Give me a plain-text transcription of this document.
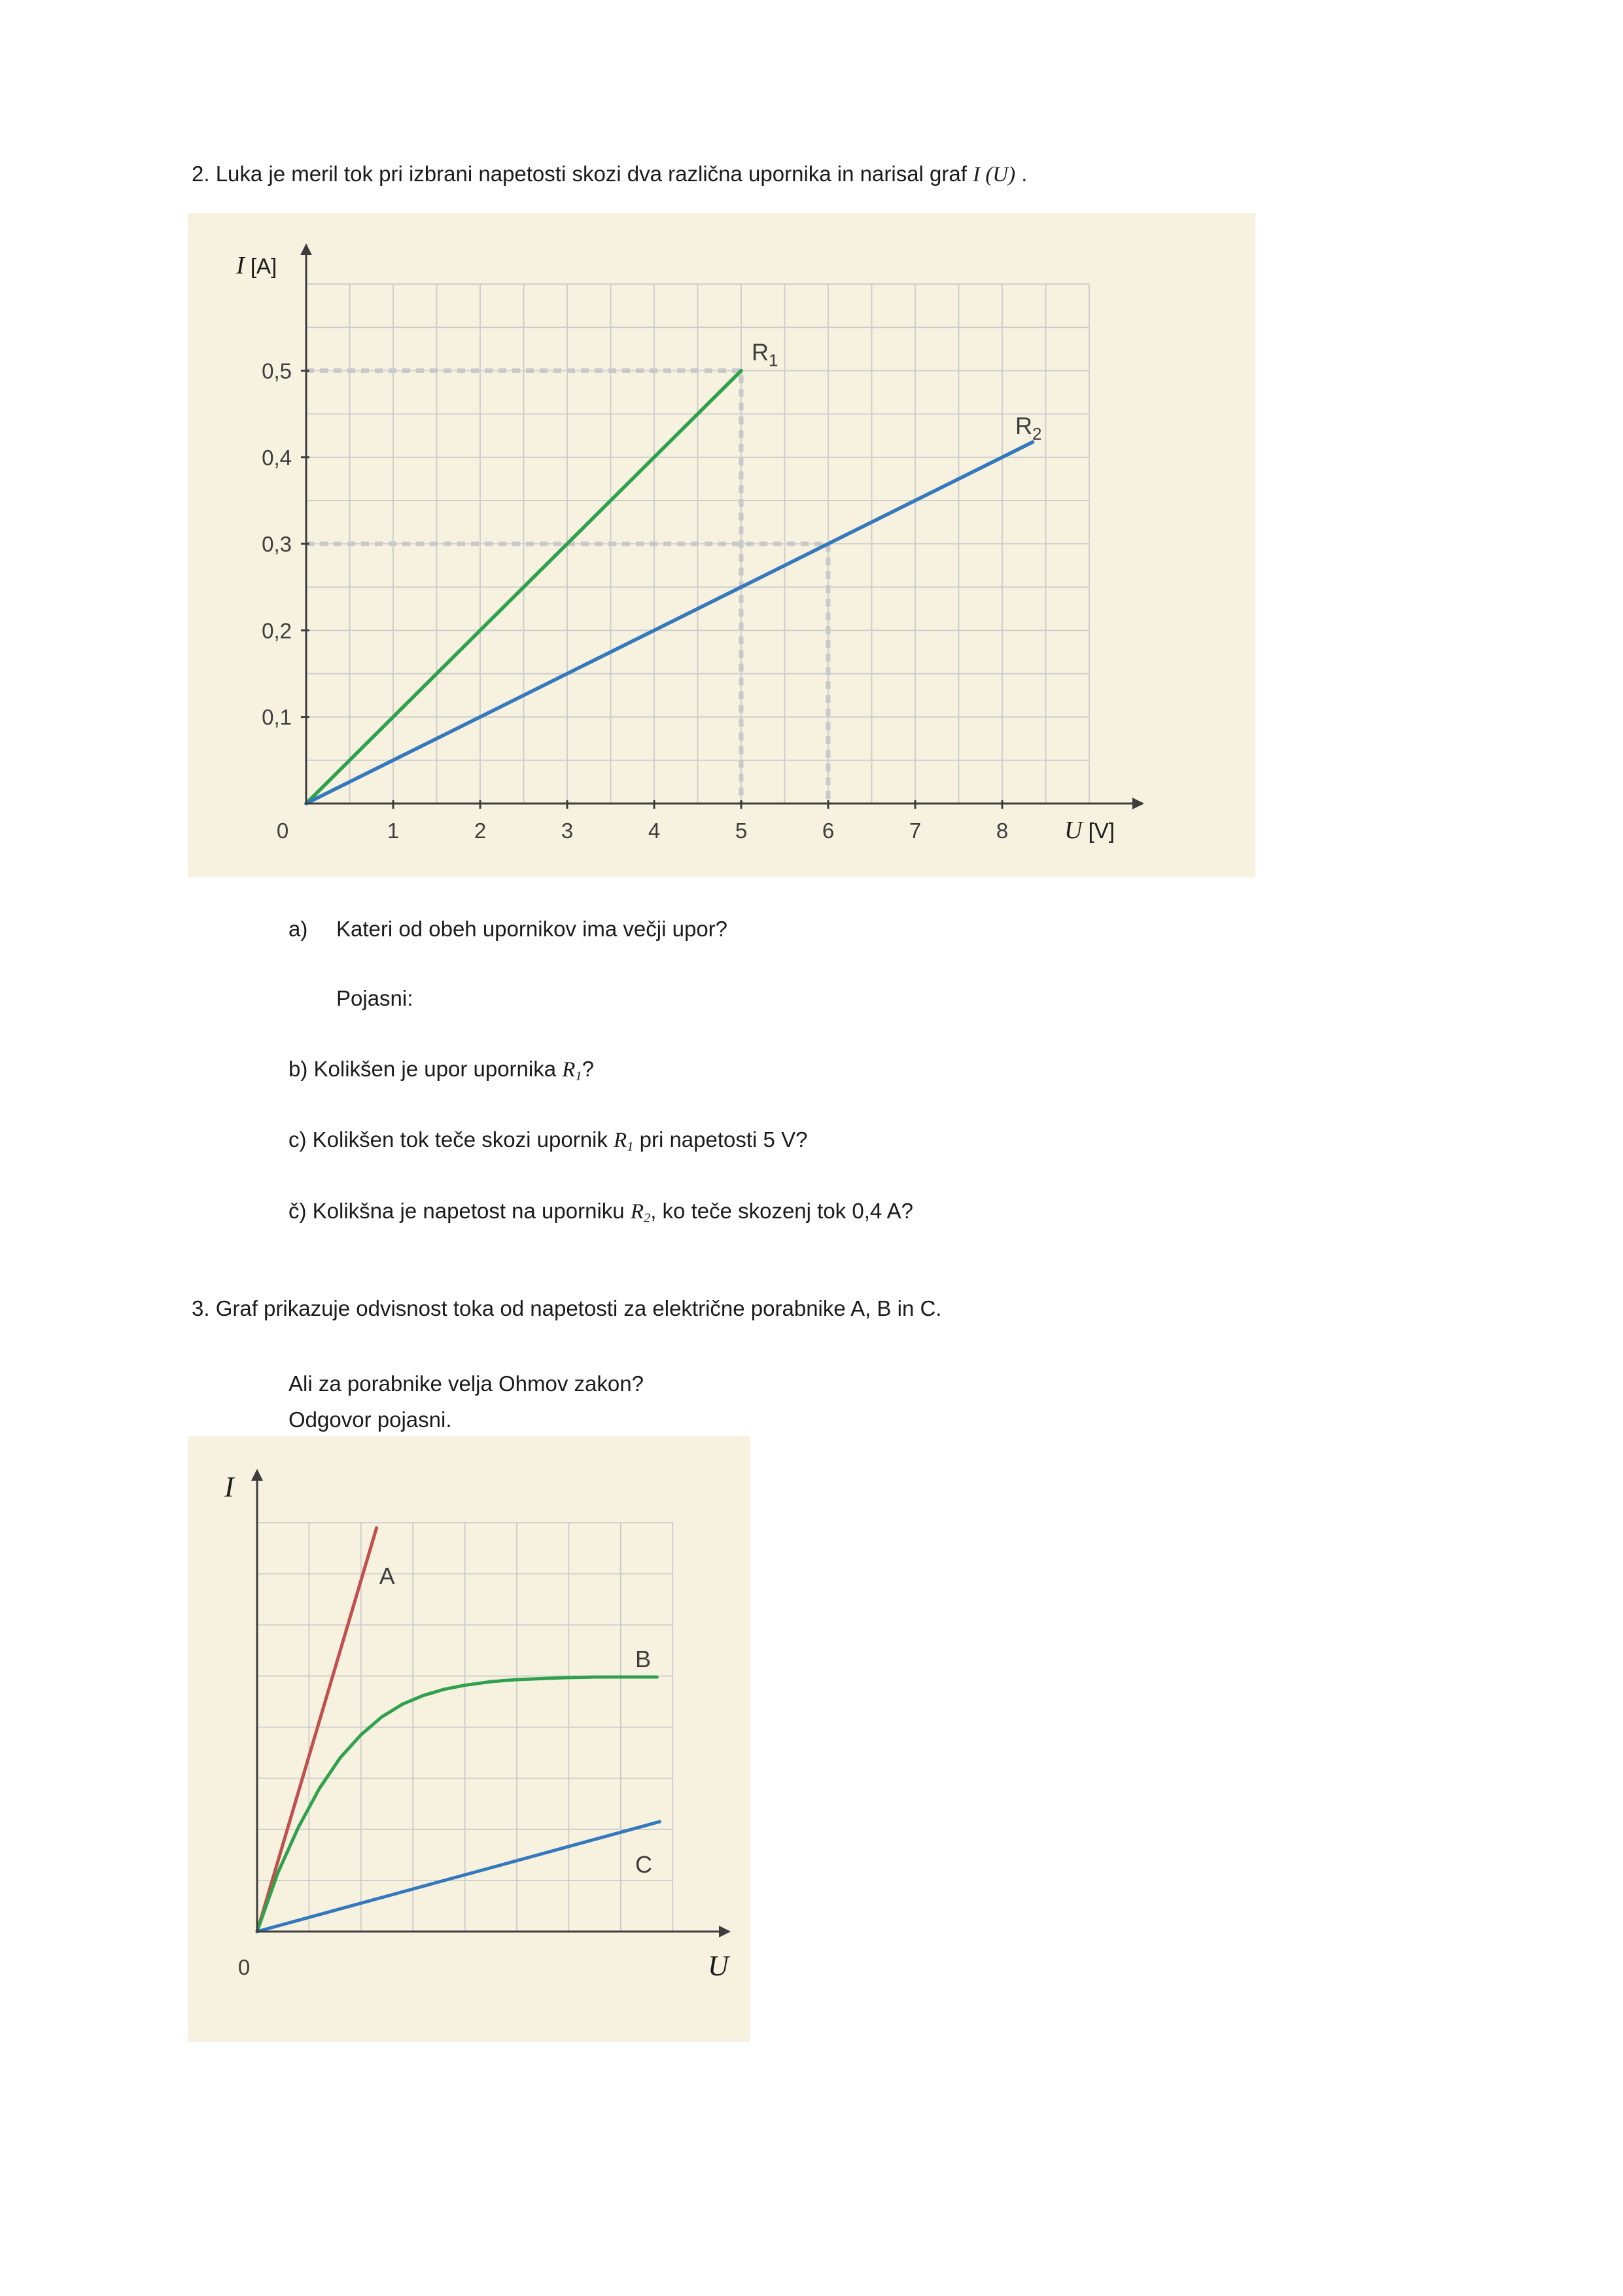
2. Luka je meril tok pri izbrani napetosti skozi dva različna upornika in narisal graf I (U) .
$R_1$
$R_2$
1	2	3	4	5	6	7	8
0,1
0,2
0,3
0,4
0,5
0
I [A]
U [V]
a) Kateri od obeh upornikov ima večji upor?
Pojasni:
b) Kolikšen je upor upornika R1?
c) Kolikšen tok teče skozi upornik R1 pri napetosti 5 V?
č) Kolikšna je napetost na uporniku R2, ko teče skozenj tok 0,4 A?
3. Graf prikazuje odvisnost toka od napetosti za električne porabnike A, B in C.
Ali za porabnike velja Ohmov zakon?
Odgovor pojasni.
A
B
C
0
I
U
